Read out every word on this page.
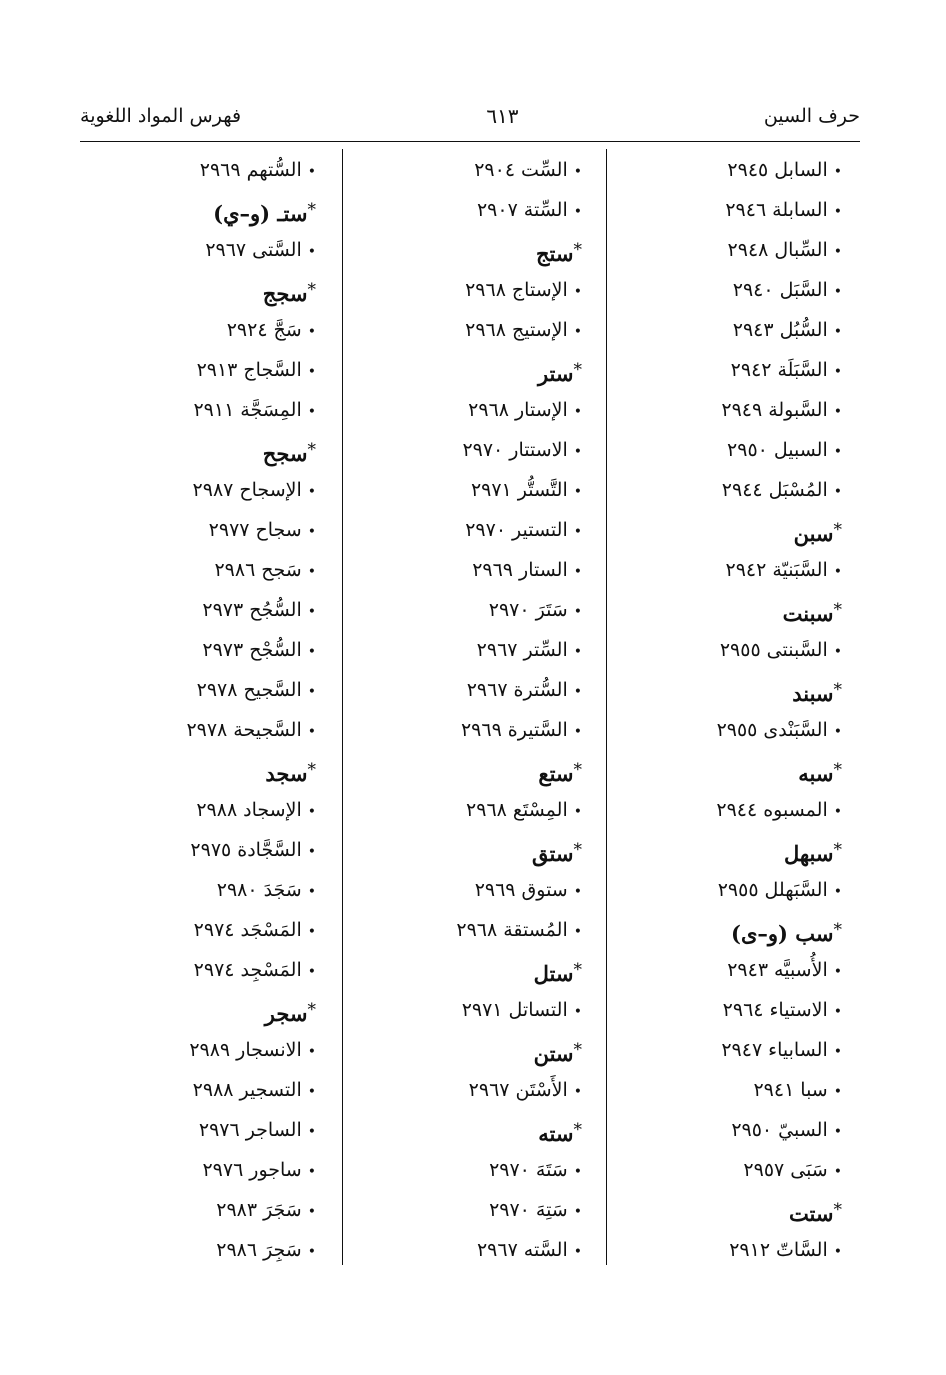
حرف السين
٦١٣
فهرس المواد اللغوية
•السابل٢٩٤٥
•السابلة٢٩٤٦
•السِّبال٢٩٤٨
•السَّبَل٢٩٤٠
•السُّبُل٢٩٤٣
•السَّبَلَة٢٩٤٢
•السَّبولة٢٩٤٩
•السبيل٢٩٥٠
•المُسْبَل٢٩٤٤
*سبن
•السَّبَنيّة٢٩٤٢
*سبنت
•السَّبنتى٢٩٥٥
*سبند
•السَّبَنْدى٢٩٥٥
*سبه
•المسبوه٢٩٤٤
*سبهل
•السَّبَهلل٢٩٥٥
*سب (و–ى)
•الأُسبيَّه٢٩٤٣
•الاستياء٢٩٦٤
•السابياء٢٩٤٧
•سبا٢٩٤١
•السبيّ٢٩٥٠
•سَبَى٢٩٥٧
*ستت
•السَّاتّ٢٩١٢
•السِّت٢٩٠٤
•السِّتة٢٩٠٧
*ستج
•الإستاج٢٩٦٨
•الإستيج٢٩٦٨
*ستر
•الإستار٢٩٦٨
•الاستتار٢٩٧٠
•التَّستُّر٢٩٧١
•التستير٢٩٧٠
•الستار٢٩٦٩
•سَتَرَ٢٩٧٠
•السِّتر٢٩٦٧
•السُّترة٢٩٦٧
•السَّتيرة٢٩٦٩
*ستع
•المِسْتَع٢٩٦٨
*ستق
•ستوق٢٩٦٩
•المُستقة٢٩٦٨
*ستل
•التساتل٢٩٧١
*ستن
•الأَسْتَن٢٩٦٧
*سته
•سَتَهَ٢٩٧٠
•سَتِهَ٢٩٧٠
•السَّته٢٩٦٧
•السُّتهم٢٩٦٩
*ستـ (و–ي)
•السَّتى٢٩٦٧
*سجج
•سَجَّ٢٩٢٤
•السَّجاج٢٩١٣
•المِسَجَّة٢٩١١
*سجح
•الإسجاح٢٩٨٧
•سجاح٢٩٧٧
•سَجح٢٩٨٦
•السُّجُح٢٩٧٣
•السُّجْح٢٩٧٣
•السَّجيح٢٩٧٨
•السَّجيحة٢٩٧٨
*سجد
•الإسجاد٢٩٨٨
•السَّجَّادة٢٩٧٥
•سَجَدَ٢٩٨٠
•المَسْجَد٢٩٧٤
•المَسْجِد٢٩٧٤
*سجر
•الانسجار٢٩٨٩
•التسجير٢٩٨٨
•الساجر٢٩٧٦
•ساجور٢٩٧٦
•سَجَرَ٢٩٨٣
•سَجِرَ٢٩٨٦
